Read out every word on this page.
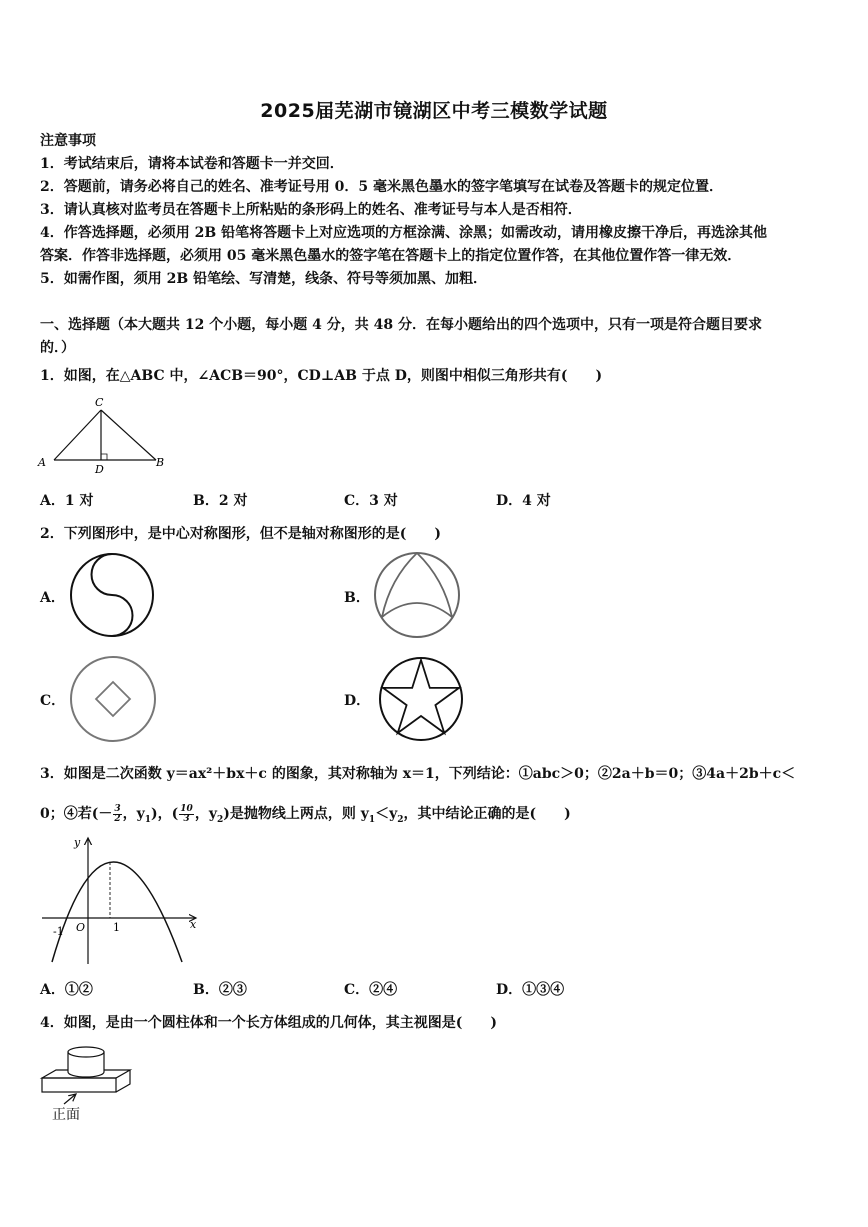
2025届芜湖市镜湖区中考三模数学试题
注意事项
1．考试结束后，请将本试卷和答题卡一并交回．
2．答题前，请务必将自己的姓名、准考证号用 0．5 毫米黑色墨水的签字笔填写在试卷及答题卡的规定位置．
3．请认真核对监考员在答题卡上所粘贴的条形码上的姓名、准考证号与本人是否相符．
4．作答选择题，必须用 2B 铅笔将答题卡上对应选项的方框涂满、涂黑；如需改动，请用橡皮擦干净后，再选涂其他
答案．作答非选择题，必须用 05 毫米黑色墨水的签字笔在答题卡上的指定位置作答，在其他位置作答一律无效．
5．如需作图，须用 2B 铅笔绘、写清楚，线条、符号等须加黑、加粗．
一、选择题（本大题共 12 个小题，每小题 4 分，共 48 分．在每小题给出的四个选项中，只有一项是符合题目要求
的．）
1．如图，在△ABC 中，∠ACB＝90°，CD⊥AB 于点 D，则图中相似三角形共有(　　)
A	B
C
D
A．1 对	B．2 对	C．3 对	D．4 对
2．下列图形中，是中心对称图形，但不是轴对称图形的是(　　)
A．	B．
C．	D．
3．如图是二次函数 y＝ax²＋bx＋c 的图象，其对称轴为 x＝1，下列结论：①abc＞0；②2a＋b＝0；③4a＋2b＋c＜
0；④若(－ $\frac{3}{2}$ ，$y_1$)，( $\frac{10}{3}$ ，$y_2$)是抛物线上两点，则 $y_1<y_2$，其中结论正确的是(　　)
y
x
O
-1	1
A．①②	B．②③	C．②④	D．①③④
4．如图，是由一个圆柱体和一个长方体组成的几何体，其主视图是(　　)
正面
